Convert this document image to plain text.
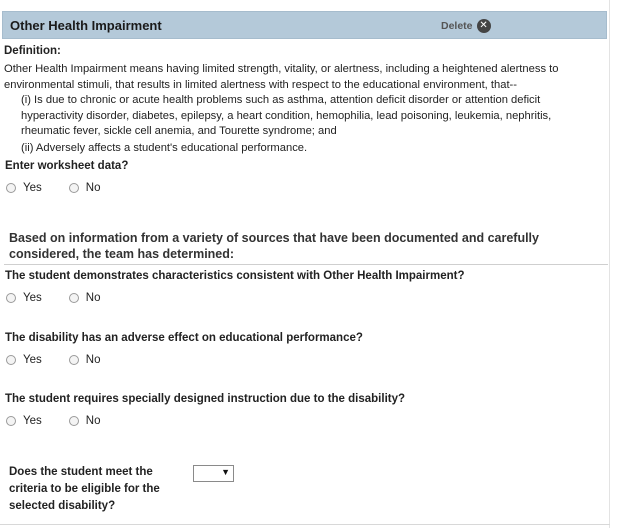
Other Health Impairment	Delete ✕
Definition:
Other Health Impairment means having limited strength, vitality, or alertness, including a heightened alertness to
environmental stimuli, that results in limited alertness with respect to the educational environment, that--
(i) Is due to chronic or acute health problems such as asthma, attention deficit disorder or attention deficit
hyperactivity disorder, diabetes, epilepsy, a heart condition, hemophilia, lead poisoning, leukemia, nephritis,
rheumatic fever, sickle cell anemia, and Tourette syndrome; and
(ii) Adversely affects a student's educational performance.
Enter worksheet data?
Yes	No
Based on information from a variety of sources that have been documented and carefully
considered, the team has determined:
The student demonstrates characteristics consistent with Other Health Impairment?
Yes	No
The disability has an adverse effect on educational performance?
Yes	No
The student requires specially designed instruction due to the disability?
Yes	No
Does the student meet the
criteria to be eligible for the
selected disability?
▼
